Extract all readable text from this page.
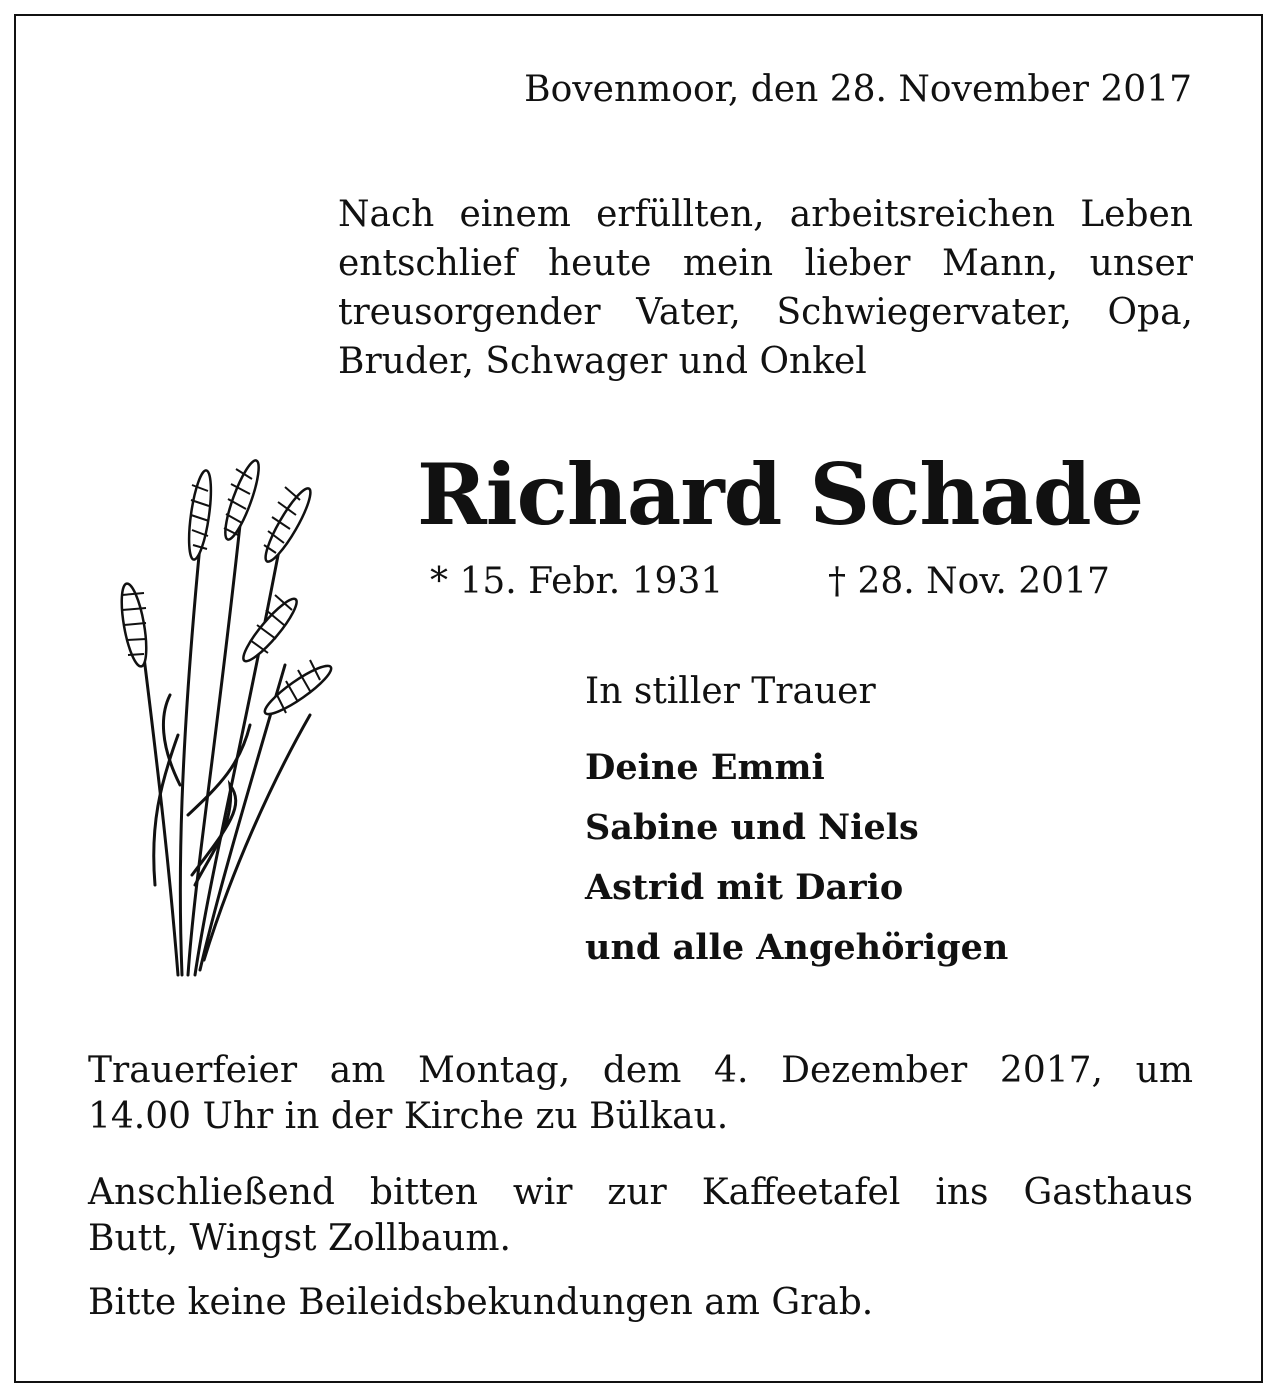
Bovenmoor, den 28. November 2017
Nach einem erfüllten, arbeitsreichen Leben
entschlief heute mein lieber Mann, unser
treusorgender Vater, Schwiegervater, Opa,
Bruder, Schwager und Onkel
Richard Schade
* 15. Febr. 1931	† 28. Nov. 2017
In stiller Trauer
Deine Emmi
Sabine und Niels
Astrid mit Dario
und alle Angehörigen
Trauerfeier am Montag, dem 4. Dezember 2017, um
14.00 Uhr in der Kirche zu Bülkau.
Anschließend bitten wir zur Kaffeetafel ins Gasthaus
Butt, Wingst Zollbaum.
Bitte keine Beileidsbekundungen am Grab.
